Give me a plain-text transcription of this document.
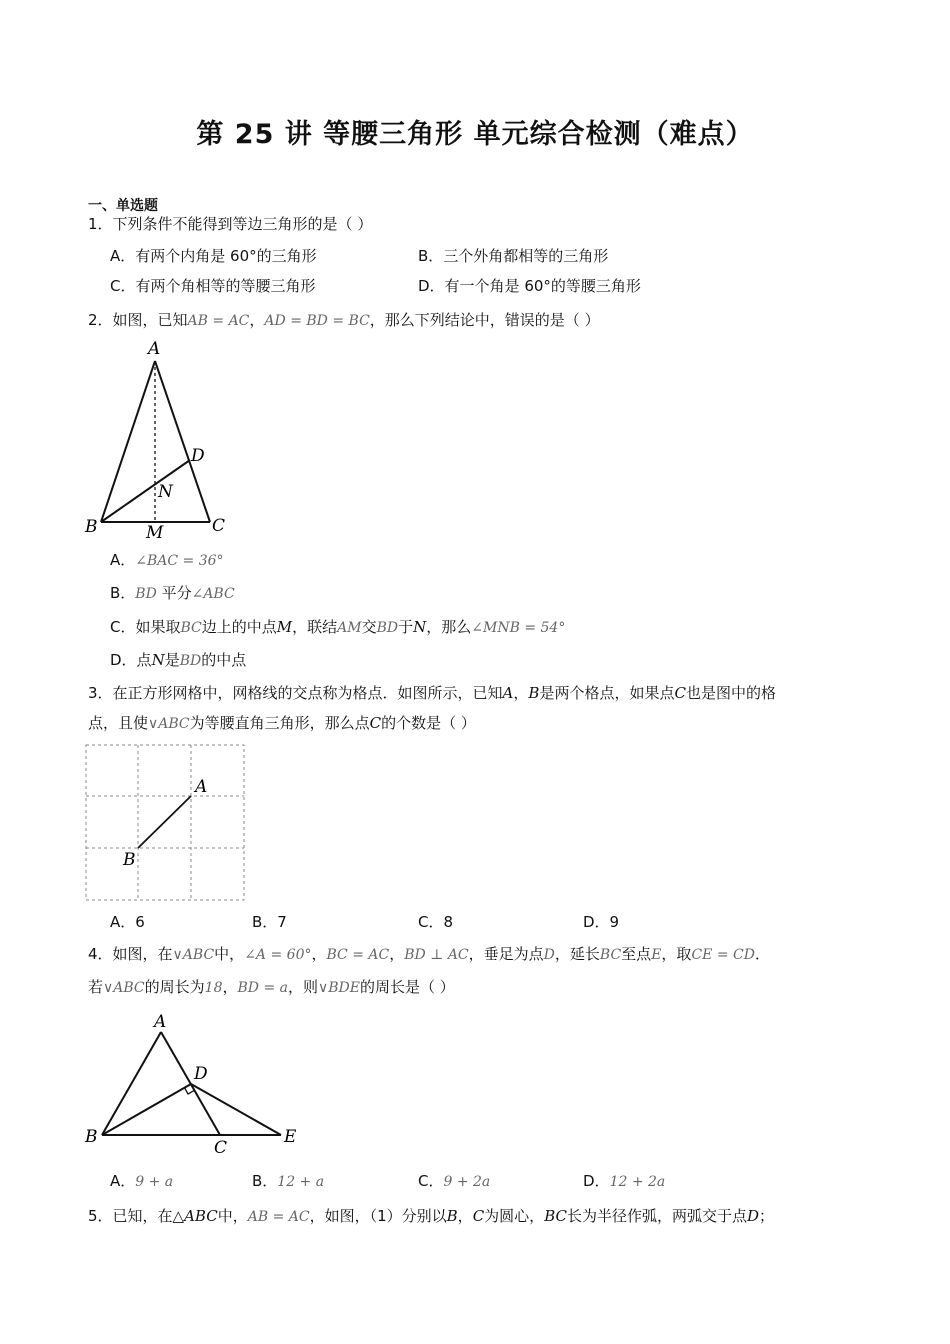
第 25 讲 等腰三角形 单元综合检测（难点）
一、单选题
1．下列条件不能得到等边三角形的是（ ）
A．有两个内角是 60°的三角形	B．三个外角都相等的三角形
C．有两个角相等的等腰三角形	D．有一个角是 60°的等腰三角形
2．如图，已知AB = AC，AD = BD = BC，那么下列结论中，错误的是（ ）
A
B	C
D
M
N
A．∠BAC = 36°
B．BD 平分∠ABC
C．如果取BC边上的中点M，联结AM交BD于N，那么∠MNB = 54°
D．点N是BD的中点
3．在正方形网格中，网格线的交点称为格点．如图所示，已知A，B是两个格点，如果点C也是图中的格
点，且使∨ABC为等腰直角三角形，那么点C的个数是（ ）
A
B
A．6	B．7	C．8	D．9
4．如图，在∨ABC中，∠A = 60°，BC = AC，BD ⊥ AC，垂足为点D，延长BC至点E，取CE = CD．
若∨ABC的周长为18，BD = a，则∨BDE的周长是（ ）
A
B
C
D
E
A．9 + a	B．12 + a	C．9 + 2a	D．12 + 2a
5．已知，在△ABC中，AB = AC，如图，（1）分别以B，C为圆心，BC长为半径作弧，两弧交于点D；
